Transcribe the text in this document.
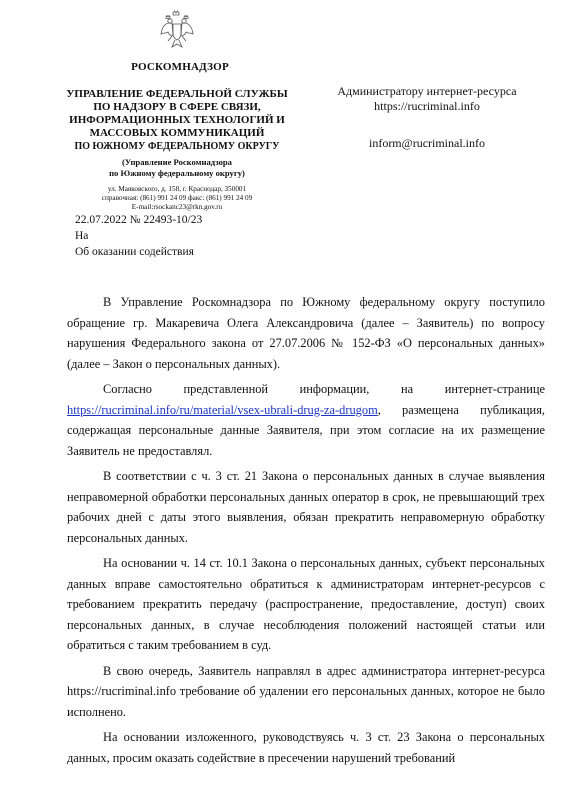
РОСКОМНАДЗОР
УПРАВЛЕНИЕ ФЕДЕРАЛЬНОЙ СЛУЖБЫ
ПО НАДЗОРУ В СФЕРЕ СВЯЗИ,
ИНФОРМАЦИОННЫХ ТЕХНОЛОГИЙ И
МАССОВЫХ КОММУНИКАЦИЙ
ПО ЮЖНОМУ ФЕДЕРАЛЬНОМУ ОКРУГУ
(Управление Роскомнадзора
по Южному федеральному округу)
ул. Маяковского, д. 158, г. Краснодар, 350001
справочная: (861) 991 24 09 факс: (861) 991 24 09
E-mail:rsockanc23@rkn.gov.ru
Администратору интернет-ресурса
https://rucriminal.info
inform@rucriminal.info
22.07.2022 № 22493-10/23
На
Об оказании содействия

В Управление Роскомнадзора по Южному федеральному округу поступило обращение гр. Макаревича Олега Александровича (далее – Заявитель) по вопросу нарушения Федерального закона от 27.07.2006 № 152-ФЗ «О персональных данных» (далее – Закон о персональных данных).

Согласно представленной информации, на интернет-странице https://rucriminal.info/ru/material/vsex-ubrali-drug-za-drugom, размещена публикация, содержащая персональные данные Заявителя, при этом согласие на их размещение Заявитель не предоставлял.

В соответствии с ч. 3 ст. 21 Закона о персональных данных в случае выявления неправомерной обработки персональных данных оператор в срок, не превышающий трех рабочих дней с даты этого выявления, обязан прекратить неправомерную обработку персональных данных.

На основании ч. 14 ст. 10.1 Закона о персональных данных, субъект персональных данных вправе самостоятельно обратиться к администраторам интернет-ресурсов с требованием прекратить передачу (распространение, предоставление, доступ) своих персональных данных, в случае несоблюдения положений настоящей статьи или обратиться с таким требованием в суд.

В свою очередь, Заявитель направлял в адрес администратора интернет-ресурса https://rucriminal.info требование об удалении его персональных данных, которое не было исполнено.

На основании изложенного, руководствуясь ч. 3 ст. 23 Закона о персональных данных, просим оказать содействие в пресечении нарушений требований
